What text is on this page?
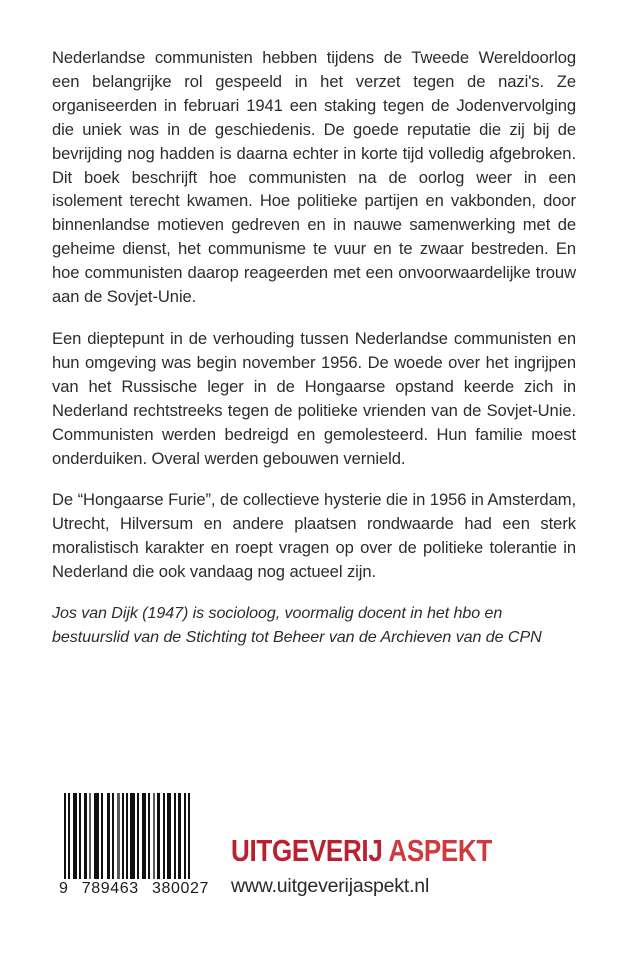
Nederlandse communisten hebben tijdens de Tweede Wereldoorlog een belangrijke rol gespeeld in het verzet tegen de nazi's. Ze organiseerden in februari 1941 een staking tegen de Jodenvervolging die uniek was in de geschiedenis. De goede reputatie die zij bij de bevrijding nog hadden is daarna echter in korte tijd volledig afgebroken. Dit boek beschrijft hoe communisten na de oorlog weer in een isolement terecht kwamen. Hoe politieke partijen en vakbonden, door binnenlandse motieven gedreven en in nauwe samenwerking met de geheime dienst, het communisme te vuur en te zwaar bestreden. En hoe communisten daarop reageerden met een onvoorwaardelijke trouw aan de Sovjet-Unie.

Een dieptepunt in de verhouding tussen Nederlandse communisten en hun omgeving was begin november 1956. De woede over het ingrijpen van het Russische leger in de Hongaarse opstand keerde zich in Nederland rechtstreeks tegen de politieke vrienden van de Sovjet-Unie. Communisten werden bedreigd en gemolesteerd. Hun familie moest onderduiken. Overal werden gebouwen vernield.

De “Hongaarse Furie”, de collectieve hysterie die in 1956 in Amsterdam, Utrecht, Hilversum en andere plaatsen rondwaarde had een sterk moralistisch karakter en roept vragen op over de politieke tolerantie in Nederland die ook vandaag nog actueel zijn.

Jos van Dijk (1947) is socioloog, voormalig docent in het hbo en bestuurslid van de Stichting tot Beheer van de Archieven van de CPN

9 789463 380027
UITGEVERIJ ASPEKT
www.uitgeverijaspekt.nl
